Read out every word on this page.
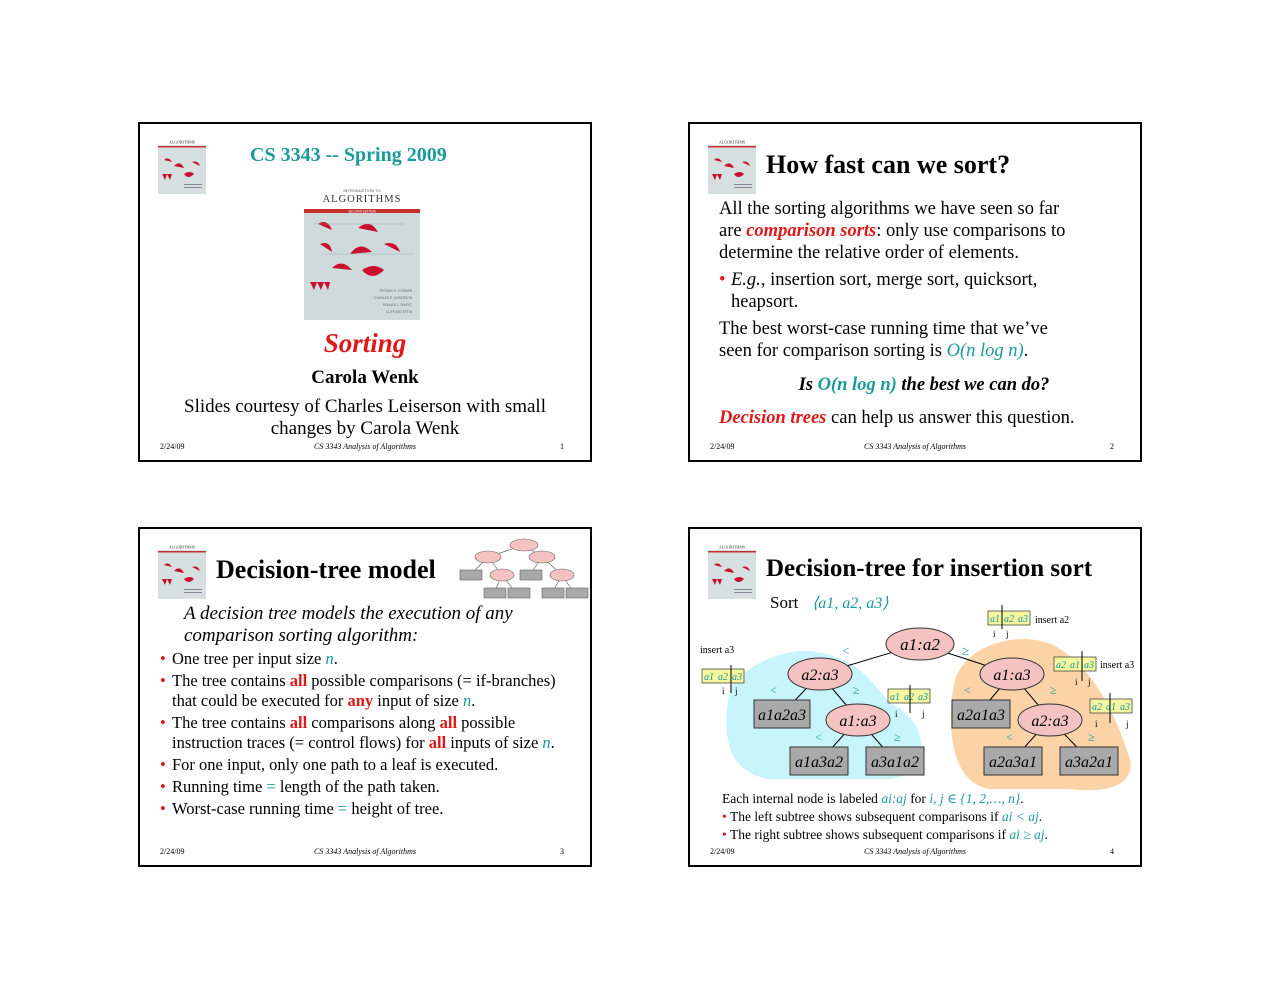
CS 3343 -- Spring 2009
INTRODUCTION TO
ALGORITHMS
SECOND EDITION
THOMAS H. CORMEN
CHARLES E. LEISERSON
RONALD L. RIVEST
CLIFFORD STEIN
Sorting
Carola Wenk
Slides courtesy of Charles Leiserson with small
changes by Carola Wenk
2/24/09	CS 3343 Analysis of Algorithms	1
How fast can we sort?
All the sorting algorithms we have seen so far
are comparison sorts: only use comparisons to
determine the relative order of elements.
• E.g., insertion sort, merge sort, quicksort,
heapsort.
The best worst-case running time that we’ve
seen for comparison sorting is O(n log n).
Is O(n log n) the best we can do?
Decision trees can help us answer this question.
2/24/09	CS 3343 Analysis of Algorithms	2
Decision-tree model
A decision tree models the execution of any
comparison sorting algorithm:
• One tree per input size n.
• The tree contains all possible comparisons (= if-branches)
that could be executed for any input of size n.
• The tree contains all comparisons along all possible
instruction traces (= control flows) for all inputs of size n.
• For one input, only one path to a leaf is executed.
• Running time = length of the path taken.
• Worst-case running time = height of tree.
2/24/09	CS 3343 Analysis of Algorithms	3
Decision-tree for insertion sort
Sort ⟨a1, a2, a3⟩
<	≥
<	≥	<	≥
<	≥	<	≥
a1:a2
a2:a3	a1:a3
a1:a3	a2:a3
a1a2a3
a1a3a2 a3a1a2
a2a1a3
a2a3a1 a3a2a1
a1 a2 a3
i j
insert a2
insert a3
a1 a2 a3
i j
a1 a2 a3
i	j
a2 a1 a3
i j
insert a3
a2 a1 a3
i	j
Each internal node is labeled ai:aj for i, j ∈ {1, 2,…, n}.
• The left subtree shows subsequent comparisons if ai < aj.
• The right subtree shows subsequent comparisons if ai ≥ aj.
2/24/09	CS 3343 Analysis of Algorithms	4
